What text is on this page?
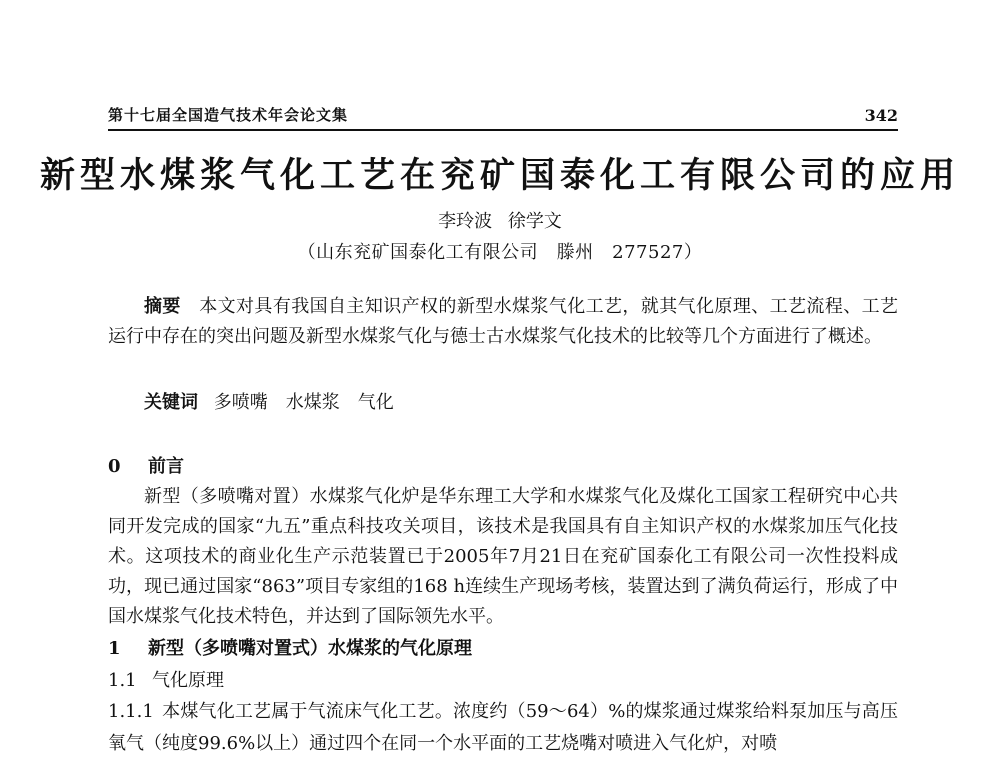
第十七届全国造气技术年会论文集	342
新型水煤浆气化工艺在兖矿国泰化工有限公司的应用
李玲波 徐学文
（山东兖矿国泰化工有限公司　滕州　277527）

摘要　 本文对具有我国自主知识产权的新型水煤浆气化工艺，就其气化原理、工艺流程、工艺运行中存在的突出问题及新型水煤浆气化与德士古水煤浆气化技术的比较等几个方面进行了概述。

关键词 多喷嘴　水煤浆　气化
0 前言

新型（多喷嘴对置）水煤浆气化炉是华东理工大学和水煤浆气化及煤化工国家工程研究中心共同开发完成的国家“九五”重点科技攻关项目，该技术是我国具有自主知识产权的水煤浆加压气化技术。这项技术的商业化生产示范装置已于2005年7月21日在兖矿国泰化工有限公司一次性投料成功，现已通过国家“863”项目专家组的168 h连续生产现场考核，装置达到了满负荷运行，形成了中国水煤浆气化技术特色，并达到了国际领先水平。

1 新型（多喷嘴对置式）水煤浆的气化原理
1.1 气化原理

1.1.1 本煤气化工艺属于气流床气化工艺。浓度约（59～64）%的煤浆通过煤浆给料泵加压与高压氧气（纯度99.6%以上）通过四个在同一个水平面的工艺烧嘴对喷进入气化炉，对喷
